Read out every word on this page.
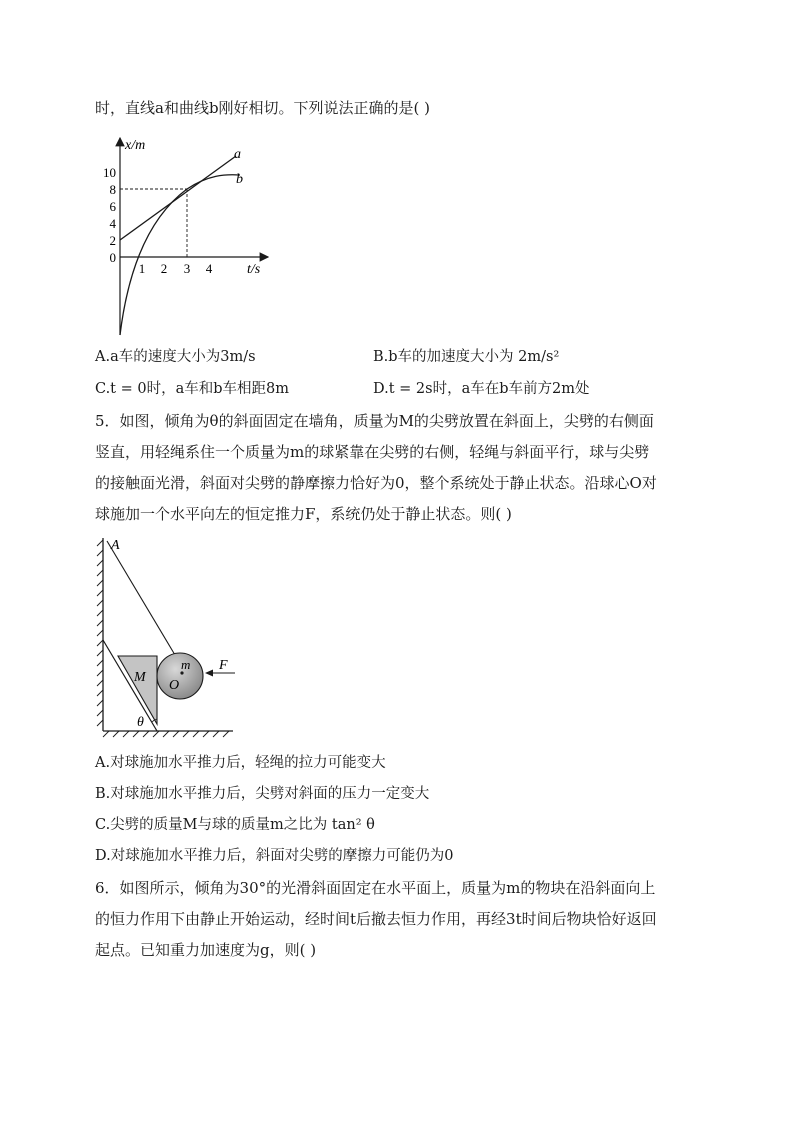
时，直线a和曲线b刚好相切。下列说法正确的是( )
x/m
t/s
a
b
10
8
6
4
2
0
1 2 3 4
A.a车的速度大小为3m/s	B.b车的加速度大小为 2m/s²
C.t = 0时，a车和b车相距8m	D.t = 2s时，a车在b车前方2m处
5．如图，倾角为θ的斜面固定在墙角，质量为M的尖劈放置在斜面上，尖劈的右侧面
竖直，用轻绳系住一个质量为m的球紧靠在尖劈的右侧，轻绳与斜面平行，球与尖劈
的接触面光滑，斜面对尖劈的静摩擦力恰好为0，整个系统处于静止状态。沿球心O对
球施加一个水平向左的恒定推力F，系统仍处于静止状态。则( )
A
M
m
O
F
θ
A.对球施加水平推力后，轻绳的拉力可能变大
B.对球施加水平推力后，尖劈对斜面的压力一定变大
C.尖劈的质量M与球的质量m之比为 tan² θ
D.对球施加水平推力后，斜面对尖劈的摩擦力可能仍为0
6．如图所示，倾角为30°的光滑斜面固定在水平面上，质量为m的物块在沿斜面向上
的恒力作用下由静止开始运动，经时间t后撤去恒力作用，再经3t时间后物块恰好返回
起点。已知重力加速度为g，则( )
